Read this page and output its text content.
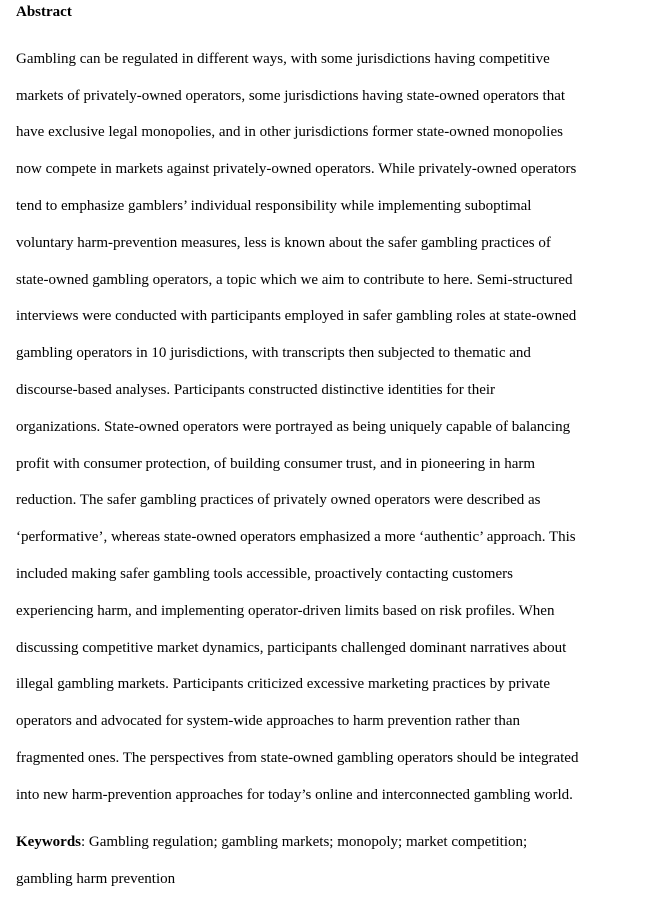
Abstract
Gambling can be regulated in different ways, with some jurisdictions having competitive
markets of privately-owned operators, some jurisdictions having state-owned operators that
have exclusive legal monopolies, and in other jurisdictions former state-owned monopolies
now compete in markets against privately-owned operators. While privately-owned operators
tend to emphasize gamblers’ individual responsibility while implementing suboptimal
voluntary harm-prevention measures, less is known about the safer gambling practices of
state-owned gambling operators, a topic which we aim to contribute to here. Semi-structured
interviews were conducted with participants employed in safer gambling roles at state-owned
gambling operators in 10 jurisdictions, with transcripts then subjected to thematic and
discourse-based analyses. Participants constructed distinctive identities for their
organizations. State-owned operators were portrayed as being uniquely capable of balancing
profit with consumer protection, of building consumer trust, and in pioneering in harm
reduction. The safer gambling practices of privately owned operators were described as
‘performative’, whereas state-owned operators emphasized a more ‘authentic’ approach. This
included making safer gambling tools accessible, proactively contacting customers
experiencing harm, and implementing operator-driven limits based on risk profiles. When
discussing competitive market dynamics, participants challenged dominant narratives about
illegal gambling markets. Participants criticized excessive marketing practices by private
operators and advocated for system-wide approaches to harm prevention rather than
fragmented ones. The perspectives from state-owned gambling operators should be integrated
into new harm-prevention approaches for today’s online and interconnected gambling world.
Keywords: Gambling regulation; gambling markets; monopoly; market competition;
gambling harm prevention
